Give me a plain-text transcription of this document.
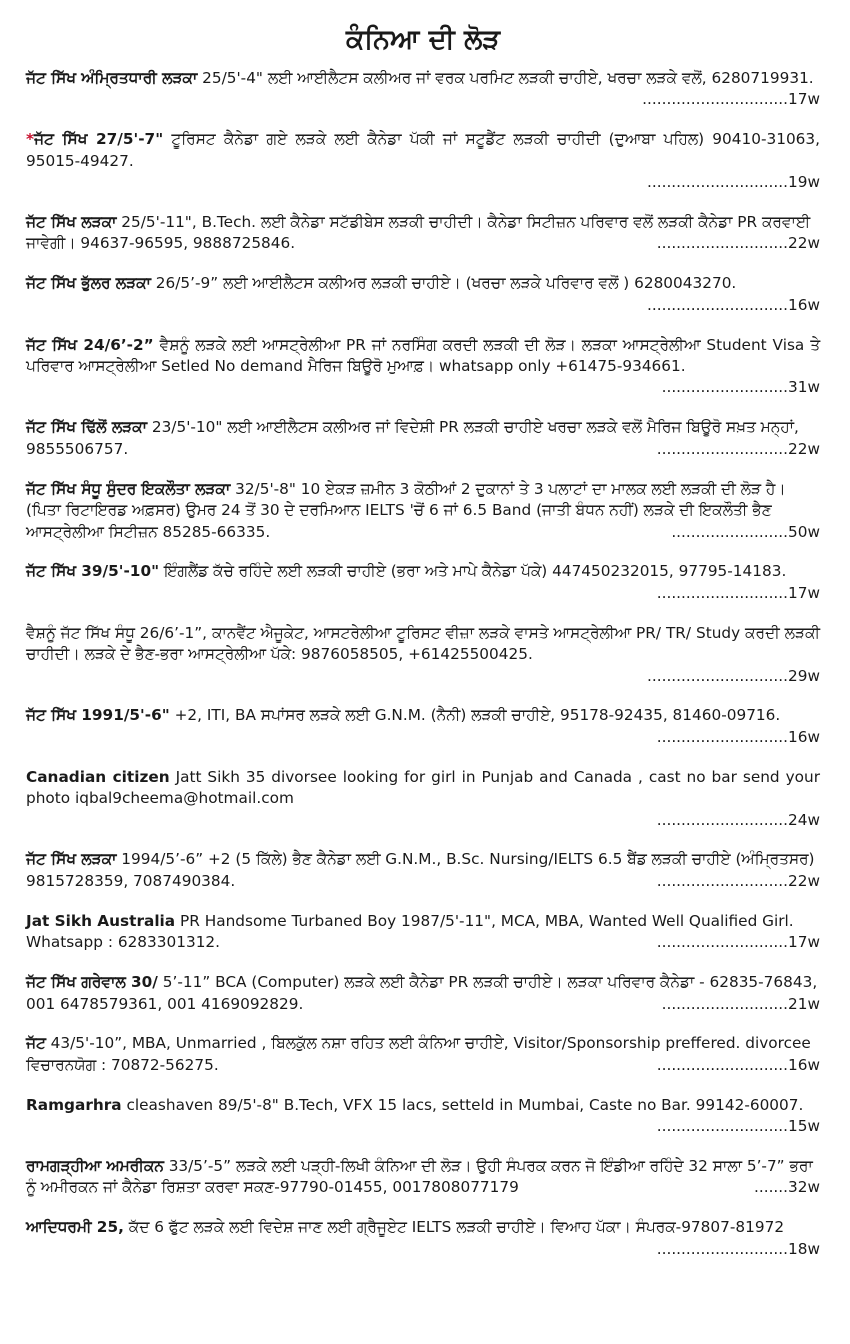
ਕੰਨਿਆ ਦੀ ਲੋੜ
ਜੱਟ ਸਿੱਖ ਅੰਮ੍ਰਿਤਧਾਰੀ ਲੜਕਾ 25/5'-4" ਲਈ ਆਈਲੈਟਸ ਕਲੀਅਰ ਜਾਂ ਵਰਕ ਪਰਮਿਟ ਲੜਕੀ ਚਾਹੀਏ, ਖਰਚਾ ਲੜਕੇ ਵਲੋਂ, 6280719931.
..............................17w
*ਜੱਟ ਸਿੱਖ 27/5'-7" ਟੂਰਿਸਟ ਕੈਨੇਡਾ ਗਏ ਲੜਕੇ ਲਈ ਕੈਨੇਡਾ ਪੱਕੀ ਜਾਂ ਸਟੂਡੈਂਟ ਲੜਕੀ ਚਾਹੀਦੀ (ਦੁਆਬਾ ਪਹਿਲ) 90410-31063, 95015-49427.
.............................19w
ਜੱਟ ਸਿੱਖ ਲੜਕਾ 25/5'-11", B.Tech. ਲਈ ਕੈਨੇਡਾ ਸਟੱਡੀਬੇਸ ਲੜਕੀ ਚਾਹੀਦੀ। ਕੈਨੇਡਾ ਸਿਟੀਜ਼ਨ ਪਰਿਵਾਰ ਵਲੋਂ ਲੜਕੀ ਕੈਨੇਡਾ PR ਕਰਵਾਈ ਜਾਵੇਗੀ। 94637-96595, 9888725846.	...........................22w
ਜੱਟ ਸਿੱਖ ਭੁੱਲਰ ਲੜਕਾ 26/5’-9” ਲਈ ਆਈਲੈਟਸ ਕਲੀਅਰ ਲੜਕੀ ਚਾਹੀਏ। (ਖਰਚਾ ਲੜਕੇ ਪਰਿਵਾਰ ਵਲੋਂ ) 6280043270.
.............................16w
ਜੱਟ ਸਿੱਖ 24/6’-2” ਵੈਸ਼ਨੂੰ ਲੜਕੇ ਲਈ ਆਸਟ੍ਰੇਲੀਆ PR ਜਾਂ ਨਰਸਿੰਗ ਕਰਦੀ ਲੜਕੀ ਦੀ ਲੋੜ। ਲੜਕਾ ਆਸਟ੍ਰੇਲੀਆ Student Visa ਤੇ ਪਰਿਵਾਰ ਆਸਟ੍ਰੇਲੀਆ Setled No demand ਮੈਰਿਜ ਬਿਊਰੋ ਮੁਆਫ਼। whatsapp only +61475-934661.
..........................31w
ਜੱਟ ਸਿੱਖ ਢਿੱਲੋਂ ਲੜਕਾ 23/5'-10" ਲਈ ਆਈਲੈਟਸ ਕਲੀਅਰ ਜਾਂ ਵਿਦੇਸ਼ੀ PR ਲੜਕੀ ਚਾਹੀਏ ਖਰਚਾ ਲੜਕੇ ਵਲੋਂ ਮੈਰਿਜ ਬਿਊਰੋ ਸਖ਼ਤ ਮਨ੍ਹਾਂ, 9855506757.	...........................22w
ਜੱਟ ਸਿੱਖ ਸੰਧੂ ਸੁੰਦਰ ਇਕਲੌਤਾ ਲੜਕਾ 32/5'-8" 10 ਏਕੜ ਜ਼ਮੀਨ 3 ਕੋਠੀਆਂ 2 ਦੁਕਾਨਾਂ ਤੇ 3 ਪਲਾਟਾਂ ਦਾ ਮਾਲਕ ਲਈ ਲੜਕੀ ਦੀ ਲੋੜ ਹੈ। (ਪਿਤਾ ਰਿਟਾਇਰਡ ਅਫ਼ਸਰ) ਉਮਰ 24 ਤੋਂ 30 ਦੇ ਦਰਮਿਆਨ IELTS 'ਚੋਂ 6 ਜਾਂ 6.5 Band (ਜਾਤੀ ਬੰਧਨ ਨਹੀਂ) ਲੜਕੇ ਦੀ ਇਕਲੌਤੀ ਭੈਣ ਆਸਟ੍ਰੇਲੀਆ ਸਿਟੀਜ਼ਨ 85285-66335.	........................50w
ਜੱਟ ਸਿੱਖ 39/5'-10" ਇੰਗਲੈਂਡ ਕੱਚੇ ਰਹਿੰਦੇ ਲਈ ਲੜਕੀ ਚਾਹੀਏ (ਭਰਾ ਅਤੇ ਮਾਪੇ ਕੈਨੇਡਾ ਪੱਕੇ) 447450232015, 97795-14183.
...........................17w
ਵੈਸ਼ਨੂੰ ਜੱਟ ਸਿੱਖ ਸੰਧੂ 26/6’-1”, ਕਾਨਵੈਂਟ ਐਜੂਕੇਟ, ਆਸਟਰੇਲੀਆ ਟੂਰਿਸਟ ਵੀਜ਼ਾ ਲੜਕੇ ਵਾਸਤੇ ਆਸਟ੍ਰੇਲੀਆ PR/ TR/ Study ਕਰਦੀ ਲੜਕੀ ਚਾਹੀਦੀ। ਲੜਕੇ ਦੇ ਭੈਣ-ਭਰਾ ਆਸਟ੍ਰੇਲੀਆ ਪੱਕੇ: 9876058505, +61425500425.
.............................29w
ਜੱਟ ਸਿੱਖ 1991/5'-6" +2, ITI, BA ਸਪਾਂਸਰ ਲੜਕੇ ਲਈ G.N.M. (ਨੈਨੀ) ਲੜਕੀ ਚਾਹੀਏ, 95178-92435, 81460-09716.
...........................16w
Canadian citizen Jatt Sikh 35 divorsee looking for girl in Punjab and Canada , cast no bar send your photo iqbal9cheema@hotmail.com
...........................24w
ਜੱਟ ਸਿੱਖ ਲੜਕਾ 1994/5’-6” +2 (5 ਕਿੱਲੇ) ਭੈਣ ਕੈਨੇਡਾ ਲਈ G.N.M., B.Sc. Nursing/IELTS 6.5 ਬੈਂਡ ਲੜਕੀ ਚਾਹੀਏ (ਅੰਮ੍ਰਿਤਸਰ) 9815728359, 7087490384.	...........................22w
Jat Sikh Australia PR Handsome Turbaned Boy 1987/5'-11", MCA, MBA, Wanted Well Qualified Girl. Whatsapp : 6283301312.	...........................17w
ਜੱਟ ਸਿੱਖ ਗਰੇਵਾਲ 30/ 5’-11” BCA (Computer) ਲੜਕੇ ਲਈ ਕੈਨੇਡਾ PR ਲੜਕੀ ਚਾਹੀਏ। ਲੜਕਾ ਪਰਿਵਾਰ ਕੈਨੇਡਾ - 62835-76843, 001 6478579361, 001 4169092829.	..........................21w
ਜੱਟ 43/5'-10”, MBA, Unmarried , ਬਿਲਕੁੱਲ ਨਸ਼ਾ ਰਹਿਤ ਲਈ ਕੰਨਿਆ ਚਾਹੀਏ, Visitor/Sponsorship preffered. divorcee ਵਿਚਾਰਨਯੋਗ : 70872-56275.	...........................16w
Ramgarhra cleashaven 89/5'-8" B.Tech, VFX 15 lacs, setteld in Mumbai, Caste no Bar. 99142-60007.
...........................15w
ਰਾਮਗੜ੍ਹੀਆ ਅਮਰੀਕਨ 33/5’-5” ਲੜਕੇ ਲਈ ਪੜ੍ਹੀ-ਲਿਖੀ ਕੰਨਿਆ ਦੀ ਲੋੜ। ਉਹੀ ਸੰਪਰਕ ਕਰਨ ਜੋ ਇੰਡੀਆ ਰਹਿੰਦੇ 32 ਸਾਲਾ 5’-7” ਭਰਾ ਨੂੰ ਅਮੀਰਕਨ ਜਾਂ ਕੈਨੇਡਾ ਰਿਸ਼ਤਾ ਕਰਵਾ ਸਕਣ-97790-01455, 0017808077179	.......32w
ਆਦਿਧਰਮੀ 25, ਕੱਦ 6 ਫੁੱਟ ਲੜਕੇ ਲਈ ਵਿਦੇਸ਼ ਜਾਣ ਲਈ ਗ੍ਰੈਜੂਏਟ IELTS ਲੜਕੀ ਚਾਹੀਏ। ਵਿਆਹ ਪੱਕਾ। ਸੰਪਰਕ-97807-81972
...........................18w
